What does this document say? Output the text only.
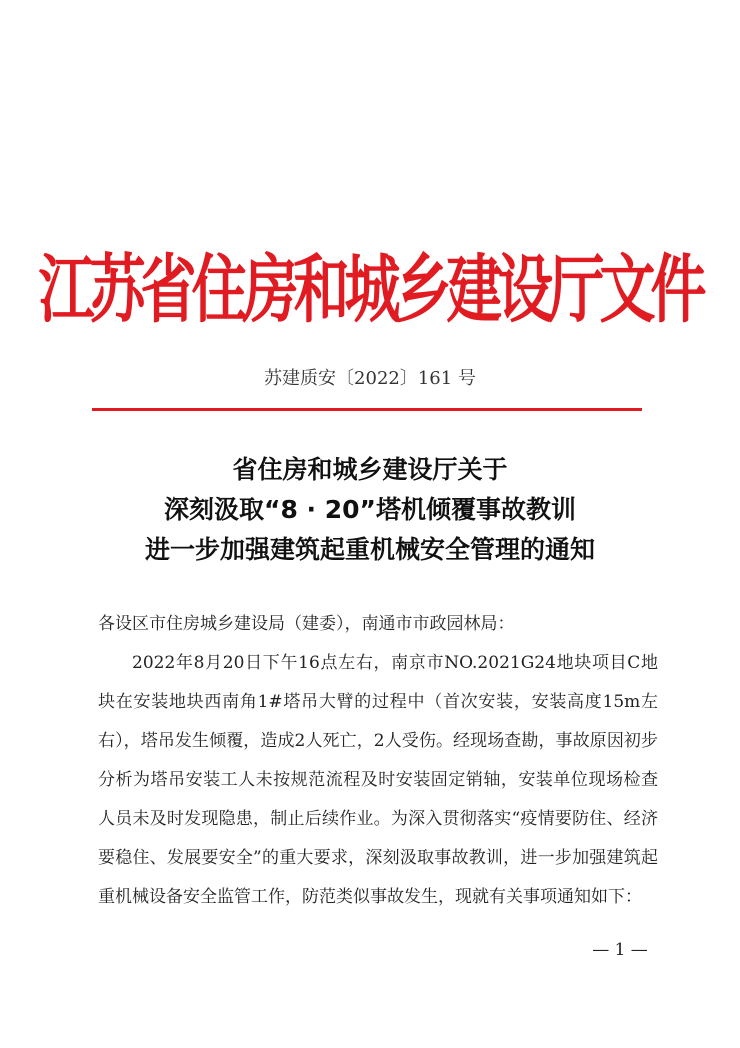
江苏省住房和城乡建设厅文件
苏建质安〔2022〕161 号
省住房和城乡建设厅关于
深刻汲取“8 · 20”塔机倾覆事故教训
进一步加强建筑起重机械安全管理的通知

各设区市住房城乡建设局（建委），南通市市政园林局：

2022年8月20日下午16点左右，南京市NO.2021G24地块项目C地块在安装地块西南角1#塔吊大臂的过程中（首次安装，安装高度15m左右），塔吊发生倾覆，造成2人死亡，2人受伤。经现场查勘，事故原因初步分析为塔吊安装工人未按规范流程及时安装固定销轴，安装单位现场检查人员未及时发现隐患，制止后续作业。为深入贯彻落实“疫情要防住、经济要稳住、发展要安全”的重大要求，深刻汲取事故教训，进一步加强建筑起重机械设备安全监管工作，防范类似事故发生，现就有关事项通知如下：

— 1 —
